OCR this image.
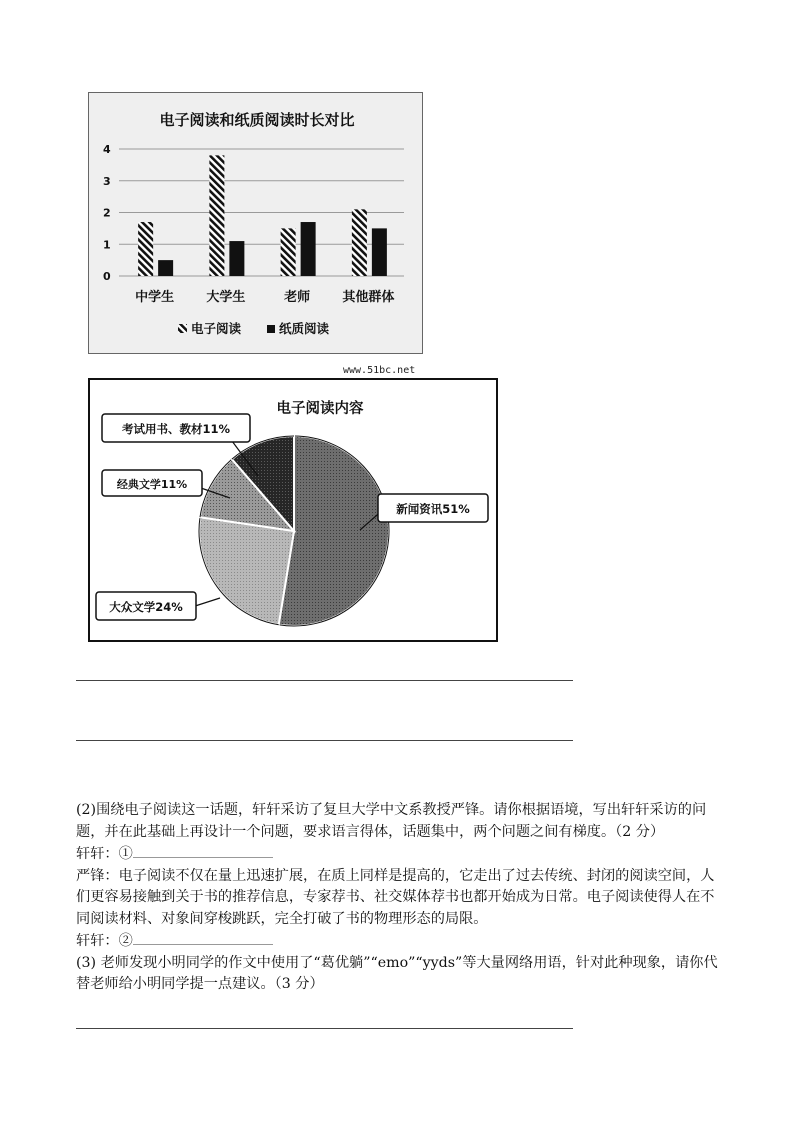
电子阅读和纸质阅读时长对比
0
1
2
3
4
中学生 大学生	老师 其他群体
电子阅读	纸质阅读
www.51bc.net
电子阅读内容
考试用书、教材11%
经典文学11%
新闻资讯51%
大众文学24%

(2)围绕电子阅读这一话题，轩轩采访了复旦大学中文系教授严锋。请你根据语境，写出轩轩采访的问题，并在此基础上再设计一个问题，要求语言得体，话题集中，两个问题之间有梯度。（2 分）

轩轩：①

严锋：电子阅读不仅在量上迅速扩展，在质上同样是提高的，它走出了过去传统、封闭的阅读空间，人们更容易接触到关于书的推荐信息，专家荐书、社交媒体荐书也都开始成为日常。电子阅读使得人在不同阅读材料、对象间穿梭跳跃，完全打破了书的物理形态的局限。

轩轩：②

(3) 老师发现小明同学的作文中使用了“葛优躺”“emo”“yyds”等大量网络用语，针对此种现象，请你代替老师给小明同学提一点建议。（3 分）
